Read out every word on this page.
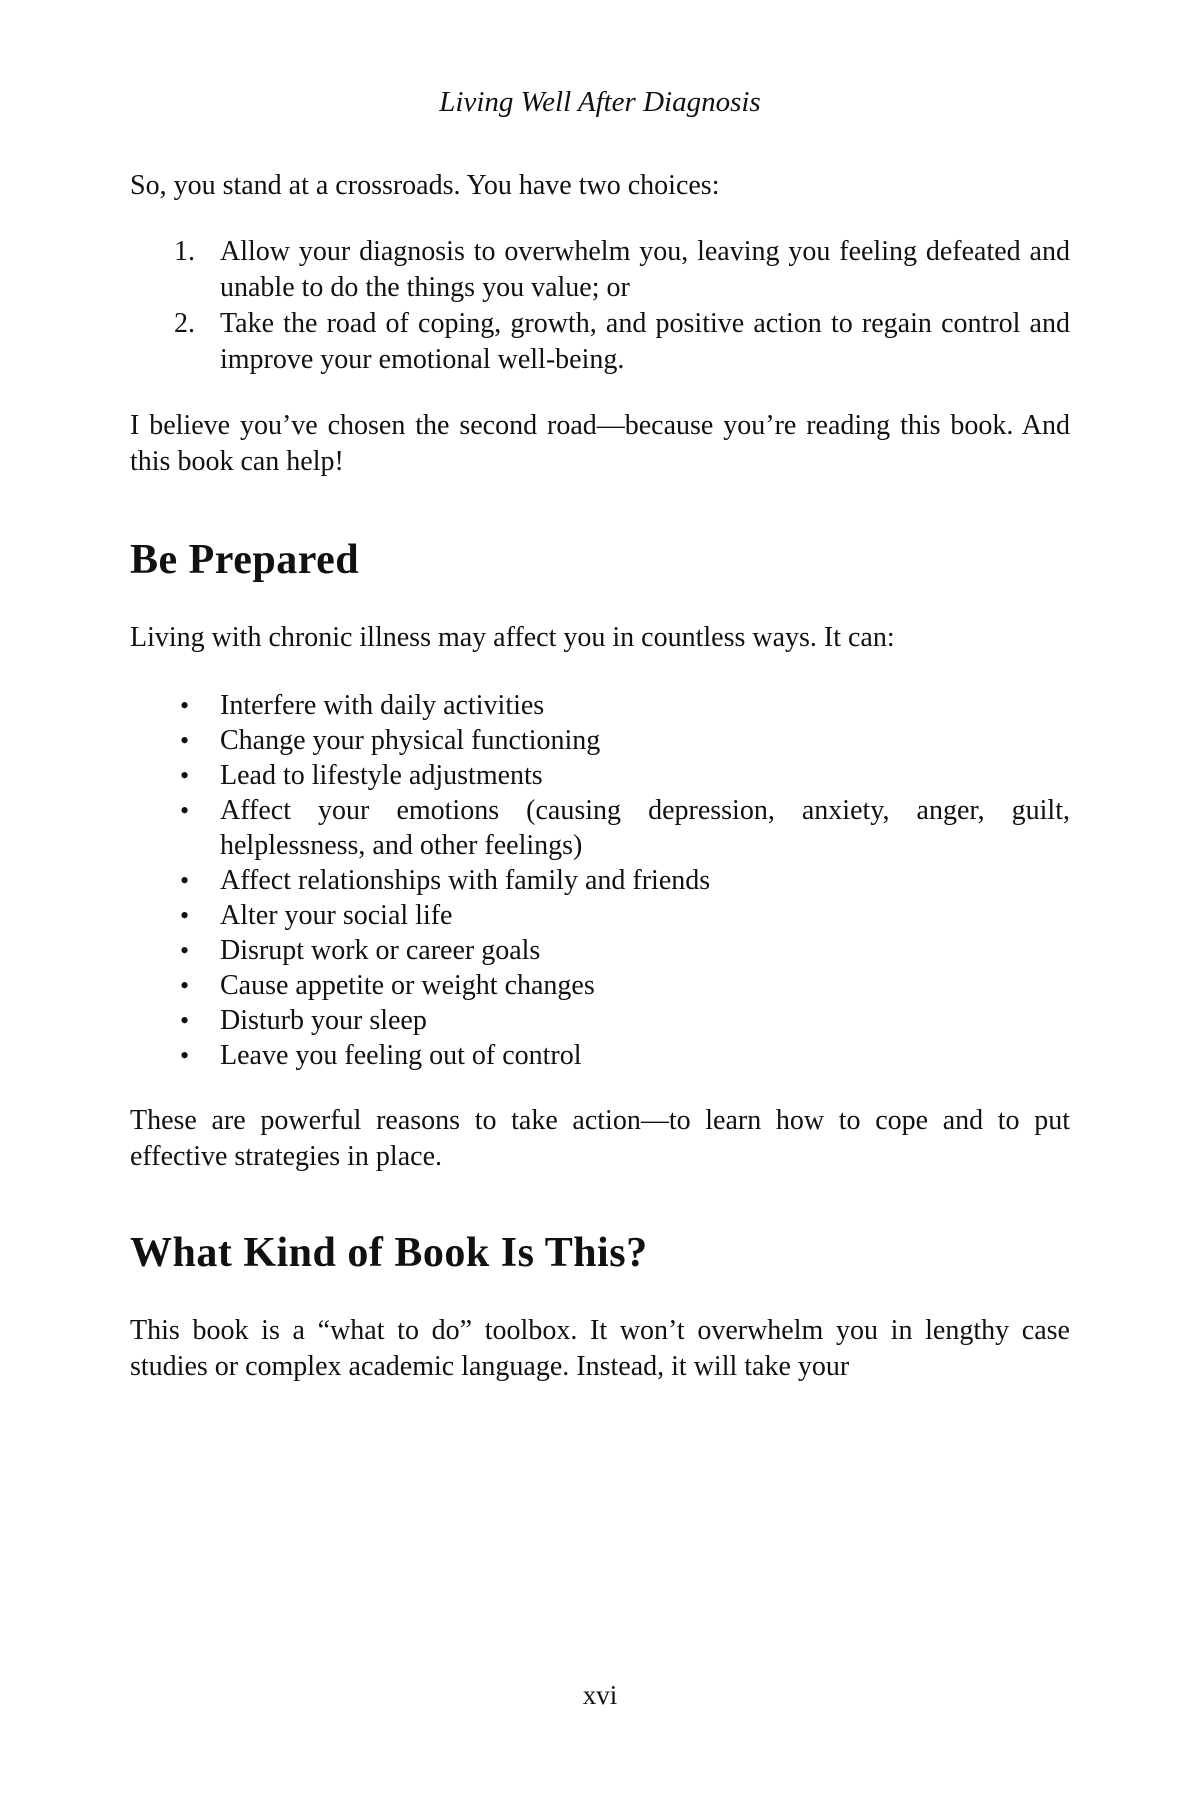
Living Well After Diagnosis

So, you stand at a crossroads. You have two choices:

1. Allow your diagnosis to overwhelm you, leaving you feeling defeated and unable to do the things you value; or
2. Take the road of coping, growth, and positive action to regain control and improve your emotional well-being.

I believe you’ve chosen the second road—because you’re reading this book. And this book can help!

Be Prepared

Living with chronic illness may affect you in countless ways. It can:

• Interfere with daily activities
• Change your physical functioning
• Lead to lifestyle adjustments
• Affect your emotions (causing depression, anxiety, anger, guilt, helplessness, and other feelings)
• Affect relationships with family and friends
• Alter your social life
• Disrupt work or career goals
• Cause appetite or weight changes
• Disturb your sleep
• Leave you feeling out of control

These are powerful reasons to take action—to learn how to cope and to put effective strategies in place.

What Kind of Book Is This?

This book is a “what to do” toolbox. It won’t overwhelm you in lengthy case studies or complex academic language. Instead, it will take your

xvi
